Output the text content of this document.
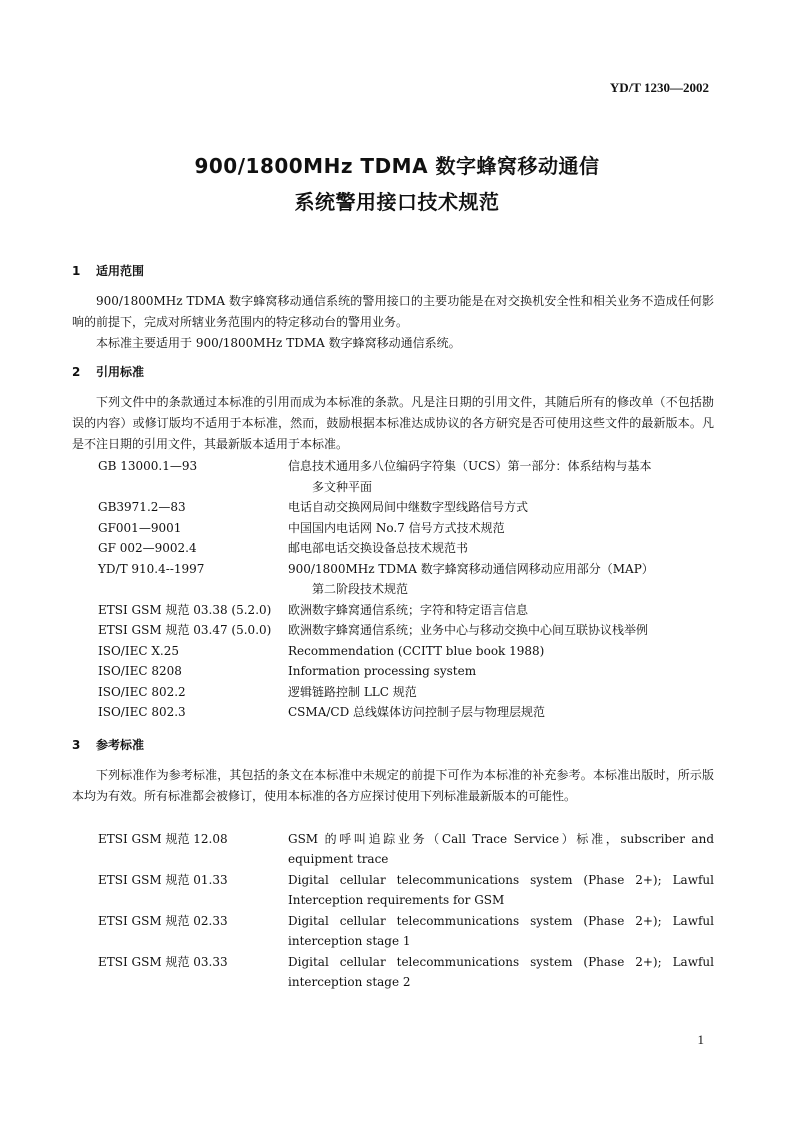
YD/T 1230—2002
900/1800MHz TDMA 数字蜂窝移动通信
系统警用接口技术规范
1 适用范围

900/1800MHz TDMA 数字蜂窝移动通信系统的警用接口的主要功能是在对交换机安全性和相关业务不造成任何影响的前提下，完成对所辖业务范围内的特定移动台的警用业务。

本标准主要适用于 900/1800MHz TDMA 数字蜂窝移动通信系统。

2 引用标准

下列文件中的条款通过本标准的引用而成为本标准的条款。凡是注日期的引用文件，其随后所有的修改单（不包括勘误的内容）或修订版均不适用于本标准，然而，鼓励根据本标准达成协议的各方研究是否可使用这些文件的最新版本。凡是不注日期的引用文件，其最新版本适用于本标准。

GB 13000.1—93	信息技术通用多八位编码字符集（UCS）第一部分：体系结构与基本
多文种平面
GB3971.2—83	电话自动交换网局间中继数字型线路信号方式
GF001—9001	中国国内电话网 No.7 信号方式技术规范
GF 002—9002.4	邮电部电话交换设备总技术规范书
YD/T 910.4--1997	900/1800MHz TDMA 数字蜂窝移动通信网移动应用部分（MAP）
第二阶段技术规范
ETSI GSM 规范 03.38 (5.2.0)	欧洲数字蜂窝通信系统；字符和特定语言信息
ETSI GSM 规范 03.47 (5.0.0)	欧洲数字蜂窝通信系统；业务中心与移动交换中心间互联协议栈举例
ISO/IEC X.25	Recommendation (CCITT blue book 1988)
ISO/IEC 8208	Information processing system
ISO/IEC 802.2	逻辑链路控制 LLC 规范
ISO/IEC 802.3	CSMA/CD 总线媒体访问控制子层与物理层规范
3 参考标准

下列标准作为参考标准，其包括的条文在本标准中未规定的前提下可作为本标准的补充参考。本标准出版时，所示版本均为有效。所有标准都会被修订，使用本标准的各方应探讨使用下列标准最新版本的可能性。

ETSI GSM 规范 12.08	GSM 的呼叫追踪业务（Call Trace Service）标准，subscriber and equipment trace
ETSI GSM 规范 01.33	Digital cellular telecommunications system (Phase 2+); Lawful Interception requirements for GSM
ETSI GSM 规范 02.33	Digital cellular telecommunications system (Phase 2+); Lawful interception stage 1
ETSI GSM 规范 03.33	Digital cellular telecommunications system (Phase 2+); Lawful interception stage 2
1
